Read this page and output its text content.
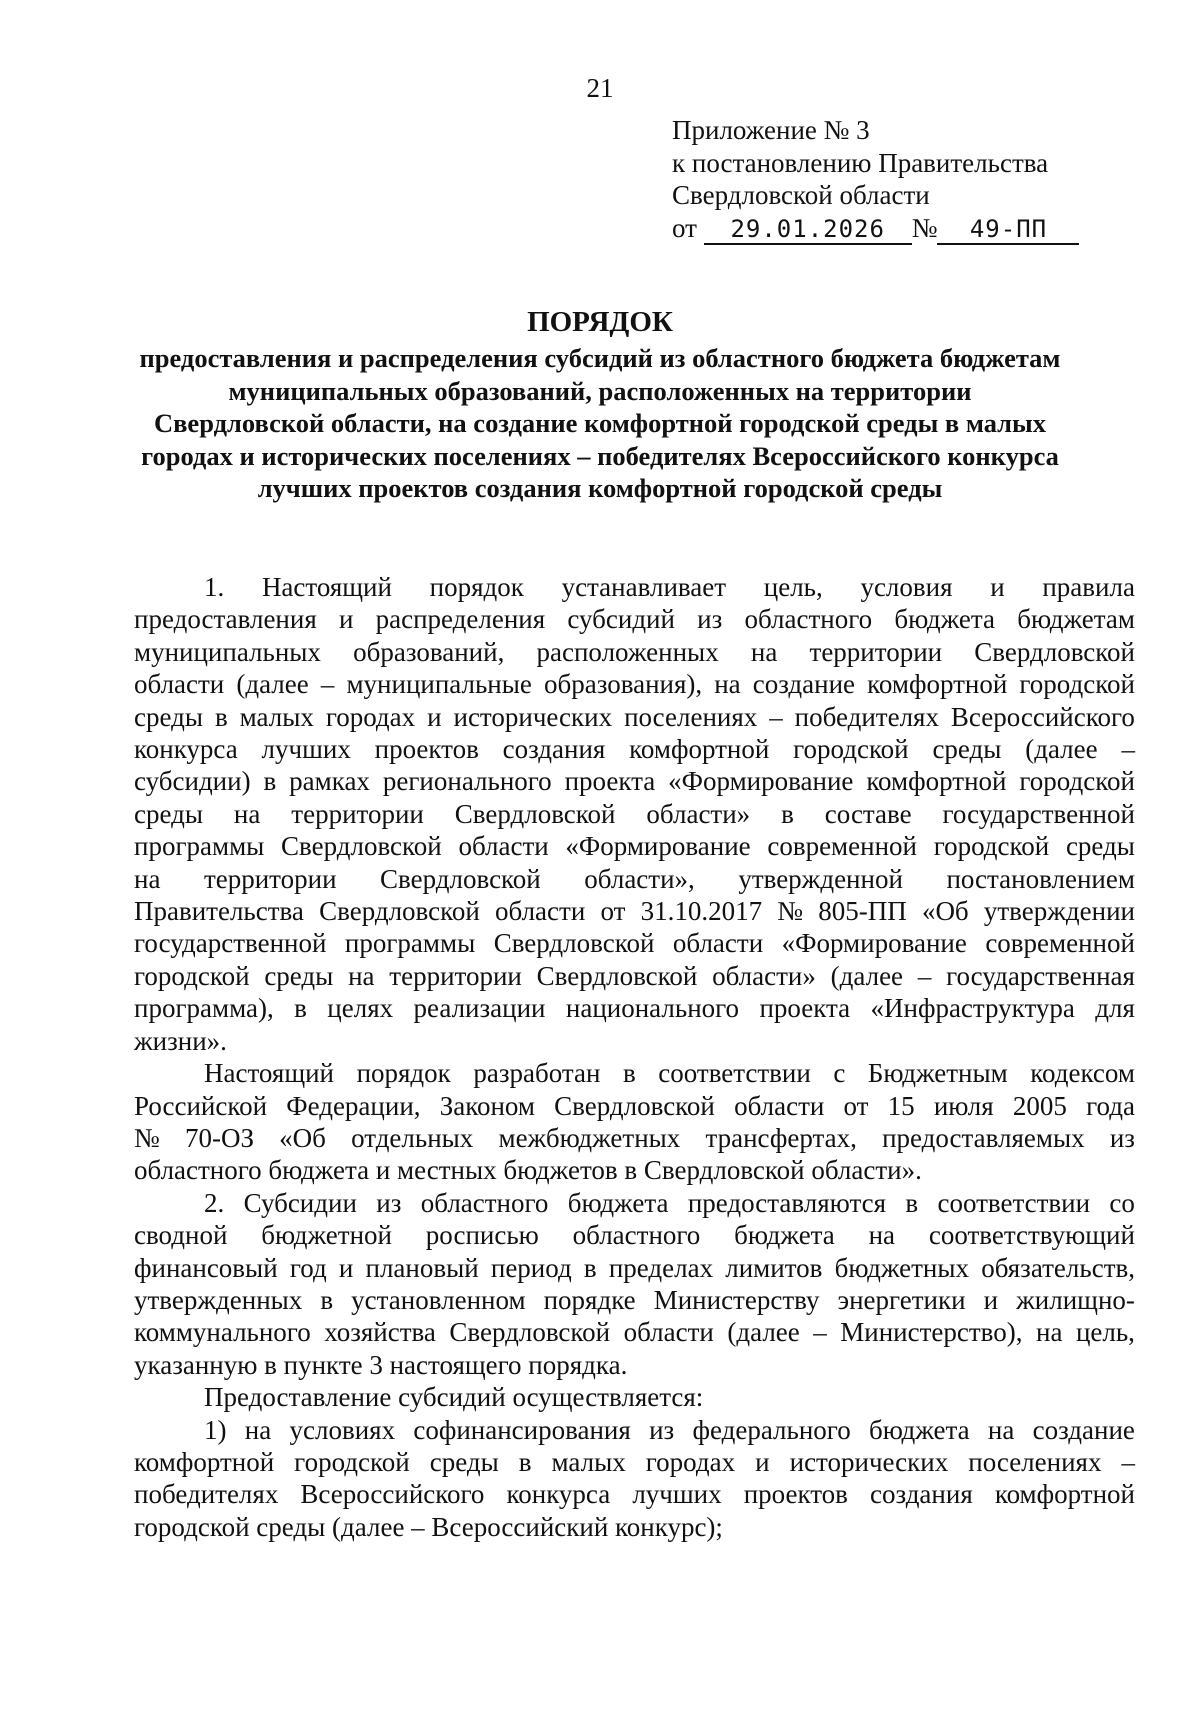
21
Приложение № 3
к постановлению Правительства
Свердловской области
от 29.01.2026 № 49-ПП
ПОРЯДОК
предоставления и распределения субсидий из областного бюджета бюджетам
муниципальных образований, расположенных на территории
Свердловской области, на создание комфортной городской среды в малых
городах и исторических поселениях – победителях Всероссийского конкурса
лучших проектов создания комфортной городской среды
1. Настоящий порядок устанавливает цель, условия и правила
предоставления и распределения субсидий из областного бюджета бюджетам
муниципальных образований, расположенных на территории Свердловской
области (далее – муниципальные образования), на создание комфортной городской
среды в малых городах и исторических поселениях – победителях Всероссийского
конкурса лучших проектов создания комфортной городской среды (далее –
субсидии) в рамках регионального проекта «Формирование комфортной городской
среды на территории Свердловской области» в составе государственной
программы Свердловской области «Формирование современной городской среды
на территории Свердловской области», утвержденной постановлением
Правительства Свердловской области от 31.10.2017 № 805-ПП «Об утверждении
государственной программы Свердловской области «Формирование современной
городской среды на территории Свердловской области» (далее – государственная
программа), в целях реализации национального проекта «Инфраструктура для
жизни».
Настоящий порядок разработан в соответствии с Бюджетным кодексом
Российской Федерации, Законом Свердловской области от 15 июля 2005 года
№ 70-ОЗ «Об отдельных межбюджетных трансфертах, предоставляемых из
областного бюджета и местных бюджетов в Свердловской области».
2. Субсидии из областного бюджета предоставляются в соответствии со
сводной бюджетной росписью областного бюджета на соответствующий
финансовый год и плановый период в пределах лимитов бюджетных обязательств,
утвержденных в установленном порядке Министерству энергетики и жилищно-
коммунального хозяйства Свердловской области (далее – Министерство), на цель,
указанную в пункте 3 настоящего порядка.
Предоставление субсидий осуществляется:
1) на условиях софинансирования из федерального бюджета на создание
комфортной городской среды в малых городах и исторических поселениях –
победителях Всероссийского конкурса лучших проектов создания комфортной
городской среды (далее – Всероссийский конкурс);
